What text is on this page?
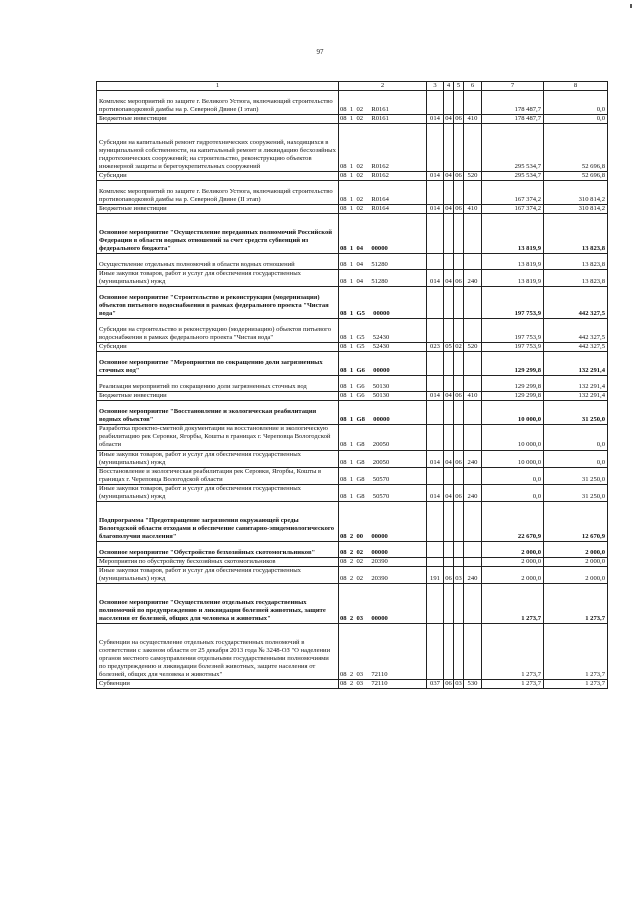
97
1	2	3	4	5	6	7	8
Комплекс мероприятий по защите г. Великого Устюга, включающий строительство противопаводковой дамбы на р. Северной Двине (I этап)	08  1  02     R0161					178 487,7	0,0
Бюджетные инвестиции	08  1  02     R0161	014	04	06	410	178 487,7	0,0
Субсидии на капитальный ремонт гидротехнических сооружений, находящихся в муниципальной собственности, на капитальный ремонт и ликвидацию бесхозяйных гидротехнических сооружений; на строительство, реконструкцию объектов инженерной защиты и берегоукрепительных сооружений	08  1  02     R0162					295 534,7	52 696,8
Субсидии	08  1  02     R0162	014	04	06	520	295 534,7	52 696,8
Комплекс мероприятий по защите г. Великого Устюга, включающий строительство противопаводковой дамбы на р. Северной Двине (II этап)	08  1  02     R0164					167 374,2	310 814,2
Бюджетные инвестиции	08  1  02     R0164	014	04	06	410	167 374,2	310 814,2
Основное мероприятие "Осуществление переданных полномочий Российской Федерации в области водных отношений за счет средств субвенций из федерального бюджета"	08  1  04     00000					13 819,9	13 823,8
Осуществление отдельных полномочий в области водных отношений	08  1  04     51280					13 819,9	13 823,8
Иные закупки товаров, работ и услуг для обеспечения государственных (муниципальных) нужд	08  1  04     51280	014	04	06	240	13 819,9	13 823,8
Основное мероприятие "Строительство и реконструкция (модернизация) объектов питьевого водоснабжения в рамках федерального проекта "Чистая вода"	08  1  G5     00000					197 753,9	442 327,5
Субсидии на строительство и реконструкцию (модернизацию) объектов питьевого водоснабжения в рамках федерального проекта "Чистая вода"	08  1  G5     52430					197 753,9	442 327,5
Субсидии	08  1  G5     52430	023	05	02	520	197 753,9	442 327,5
Основное мероприятие "Мероприятия по сокращению доли загрязненных сточных вод"	08  1  G6     00000					129 299,8	132 291,4
Реализация мероприятий по сокращению доли загрязненных сточных вод	08  1  G6     50130					129 299,8	132 291,4
Бюджетные инвестиции	08  1  G6     50130	014	04	06	410	129 299,8	132 291,4
Основное мероприятие "Восстановление и экологическая реабилитация водных объектов"	08  1  G8     00000					10 000,0	31 250,0
Разработка проектно-сметной документации на восстановление и экологическую реабилитацию рек Серовки, Ягорбы, Кошты в границах г. Череповца Вологодской области	08  1  G8     20050					10 000,0	0,0
Иные закупки товаров, работ и услуг для обеспечения государственных (муниципальных) нужд	08  1  G8     20050	014	04	06	240	10 000,0	0,0
Восстановление и экологическая реабилитация рек Серовки, Ягорбы, Кошты в границах г. Череповца Вологодской области	08  1  G8     50570					0,0	31 250,0
Иные закупки товаров, работ и услуг для обеспечения государственных (муниципальных) нужд	08  1  G8     50570	014	04	06	240	0,0	31 250,0
Подпрограмма "Предотвращение загрязнения окружающей среды Вологодской области отходами и обеспечение санитарно-эпидемиологического благополучия населения"	08  2  00     00000					22 670,9	12 670,9
Основное мероприятие "Обустройство безхозяйных скотомогильников"	08  2  02     00000					2 000,0	2 000,0
Мероприятия по обустройству бесхозяйных скотомогильников	08  2  02     20390					2 000,0	2 000,0
Иные закупки товаров, работ и услуг для обеспечения государственных (муниципальных) нужд	08  2  02     20390	191	06	03	240	2 000,0	2 000,0
Основное мероприятие "Осуществление отдельных государственных полномочий по предупреждению и ликвидации болезней животных, защите населения от болезней, общих для человека и животных"	08  2  03     00000					1 273,7	1 273,7
Субвенции на осуществление отдельных государственных полномочий в соответствии с законом области от 25 декабря 2013 года № 3248-ОЗ "О наделении органов местного самоуправления отдельными государственными полномочиями по предупреждению и ликвидации болезней животных, защите населения от болезней, общих для человека и животных"	08  2  03     72110					1 273,7	1 273,7
Субвенции	08  2  03     72110	037	06	03	530	1 273,7	1 273,7
